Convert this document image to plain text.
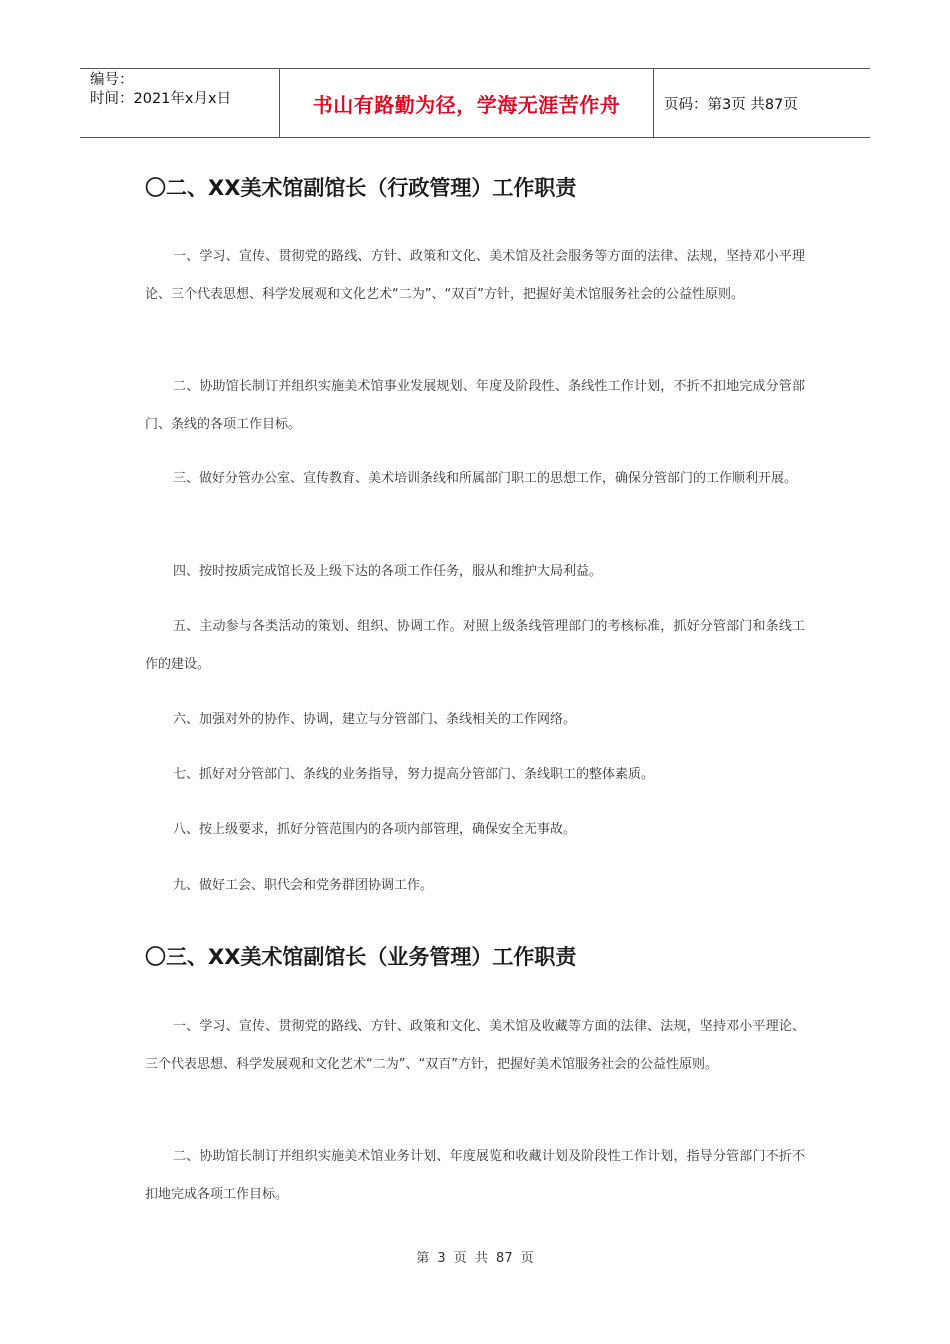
编号：
时间：2021年x月x日	书山有路勤为径，学海无涯苦作舟	页码：第3页 共87页
〇二、XX美术馆副馆长（行政管理）工作职责

一、学习、宣传、贯彻党的路线、方针、政策和文化、美术馆及社会服务等方面的法律、法规，坚持邓小平理论、三个代表思想、科学发展观和文化艺术“二为”、“双百”方针，把握好美术馆服务社会的公益性原则。

二、协助馆长制订并组织实施美术馆事业发展规划、年度及阶段性、条线性工作计划，不折不扣地完成分管部门、条线的各项工作目标。

三、做好分管办公室、宣传教育、美术培训条线和所属部门职工的思想工作，确保分管部门的工作顺利开展。

四、按时按质完成馆长及上级下达的各项工作任务，服从和维护大局利益。

五、主动参与各类活动的策划、组织、协调工作。对照上级条线管理部门的考核标准，抓好分管部门和条线工作的建设。

六、加强对外的协作、协调，建立与分管部门、条线相关的工作网络。

七、抓好对分管部门、条线的业务指导，努力提高分管部门、条线职工的整体素质。

八、按上级要求，抓好分管范围内的各项内部管理，确保安全无事故。

九、做好工会、职代会和党务群团协调工作。

〇三、XX美术馆副馆长（业务管理）工作职责

一、学习、宣传、贯彻党的路线、方针、政策和文化、美术馆及收藏等方面的法律、法规，坚持邓小平理论、三个代表思想、科学发展观和文化艺术“二为”、“双百”方针，把握好美术馆服务社会的公益性原则。

二、协助馆长制订并组织实施美术馆业务计划、年度展览和收藏计划及阶段性工作计划，指导分管部门不折不扣地完成各项工作目标。

第 3 页 共 87 页
